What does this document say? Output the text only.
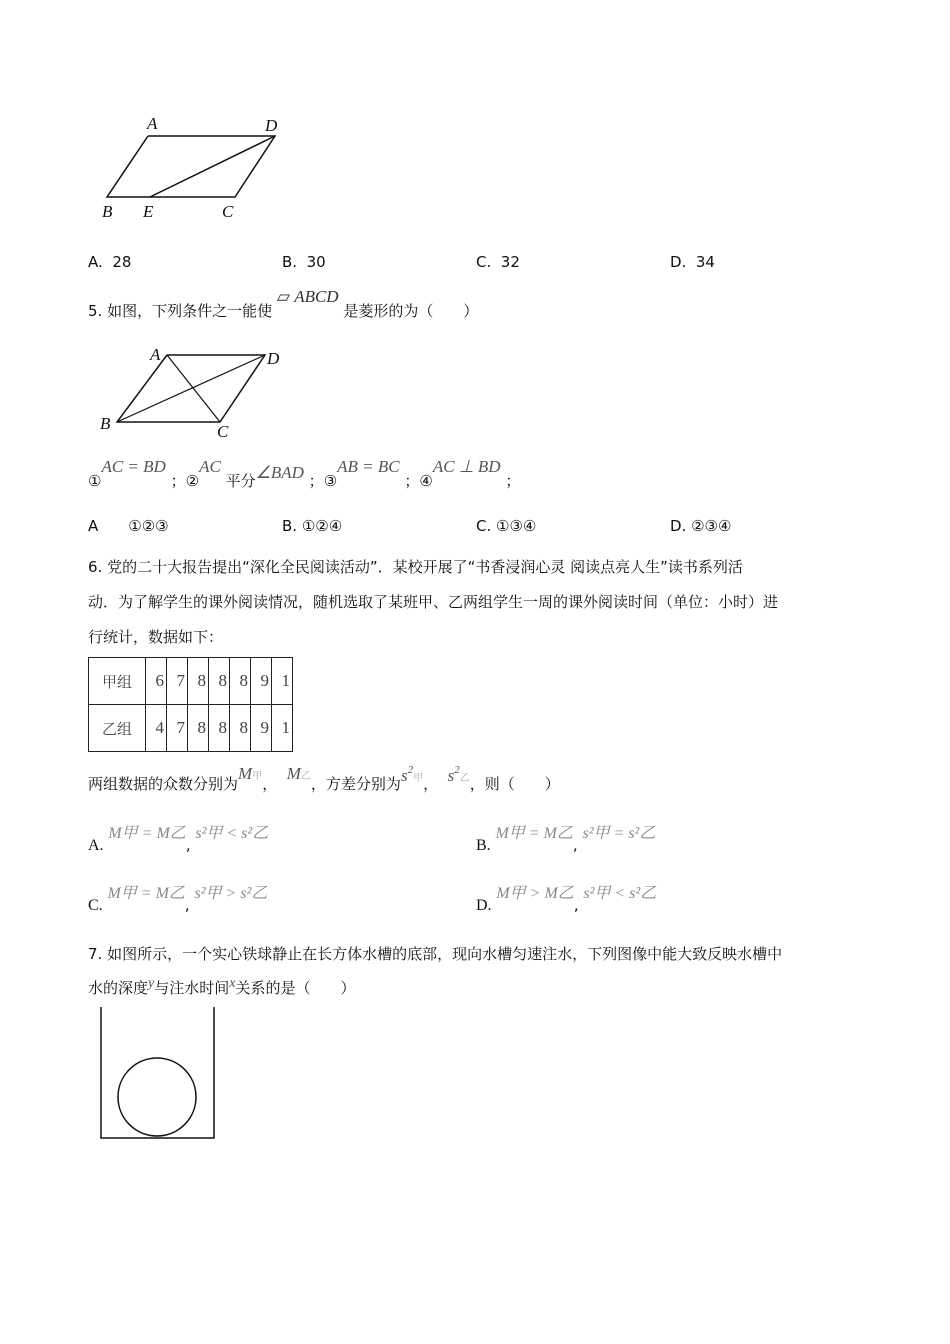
A	D
B E	C
A. 28	B. 30	C. 32	D. 34
5. 如图，下列条件之一能使 ▱ ABCD 是菱形的为（　　）
A	D
B	C
①AC = BD ；②AC 平分∠BAD ；③AB = BC ；④AC ⊥ BD ；
A   ①②③	B. ①②④	C. ①③④	D. ②③④
6. 党的二十大报告提出“深化全民阅读活动”．某校开展了“书香浸润心灵 阅读点亮人生”读书系列活
动．为了解学生的课外阅读情况，随机选取了某班甲、乙两组学生一周的课外阅读时间（单位：小时）进
行统计，数据如下：
甲组	6	7	8	8	8	9	1
乙组	4	7	8	8	8	9	1
两组数据的众数分别为M甲，  M乙，方差分别为$s^2$甲， $s^2$乙，则（　　）
A. M甲 = M乙, s²甲 < s²乙
B. M甲 = M乙, s²甲 = s²乙
C. M甲 = M乙, s²甲 > s²乙
D. M甲 > M乙, s²甲 < s²乙
7. 如图所示，一个实心铁球静止在长方体水槽的底部，现向水槽匀速注水，下列图像中能大致反映水槽中
水的深度y与注水时间x关系的是（　　）
